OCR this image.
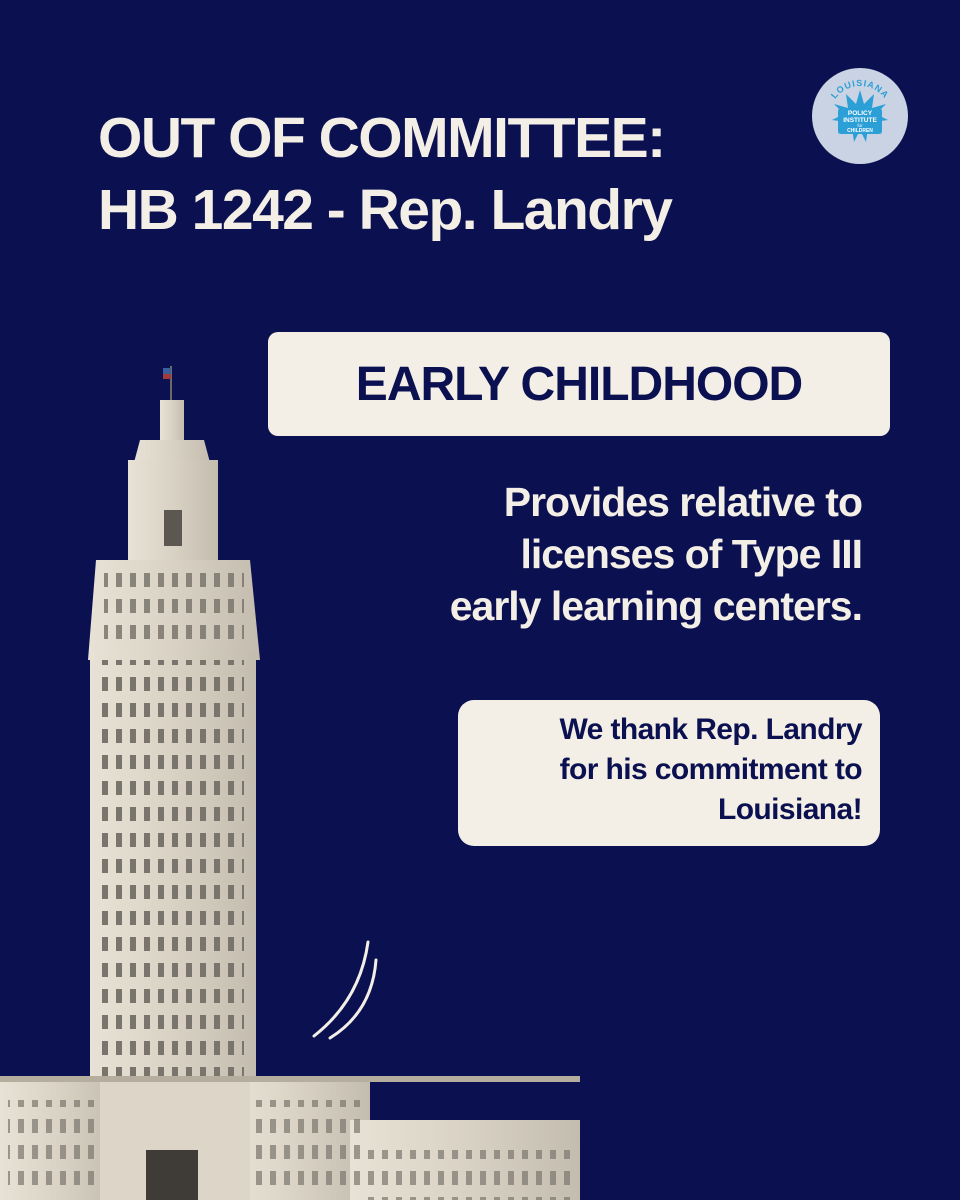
OUT OF COMMITTEE:
HB 1242 - Rep. Landry
LOUISIANA
POLICY
INSTITUTE
for
CHILDREN
EARLY CHILDHOOD
Provides relative to
licenses of Type III
early learning centers.
We thank Rep. Landry
for his commitment to
Louisiana!
